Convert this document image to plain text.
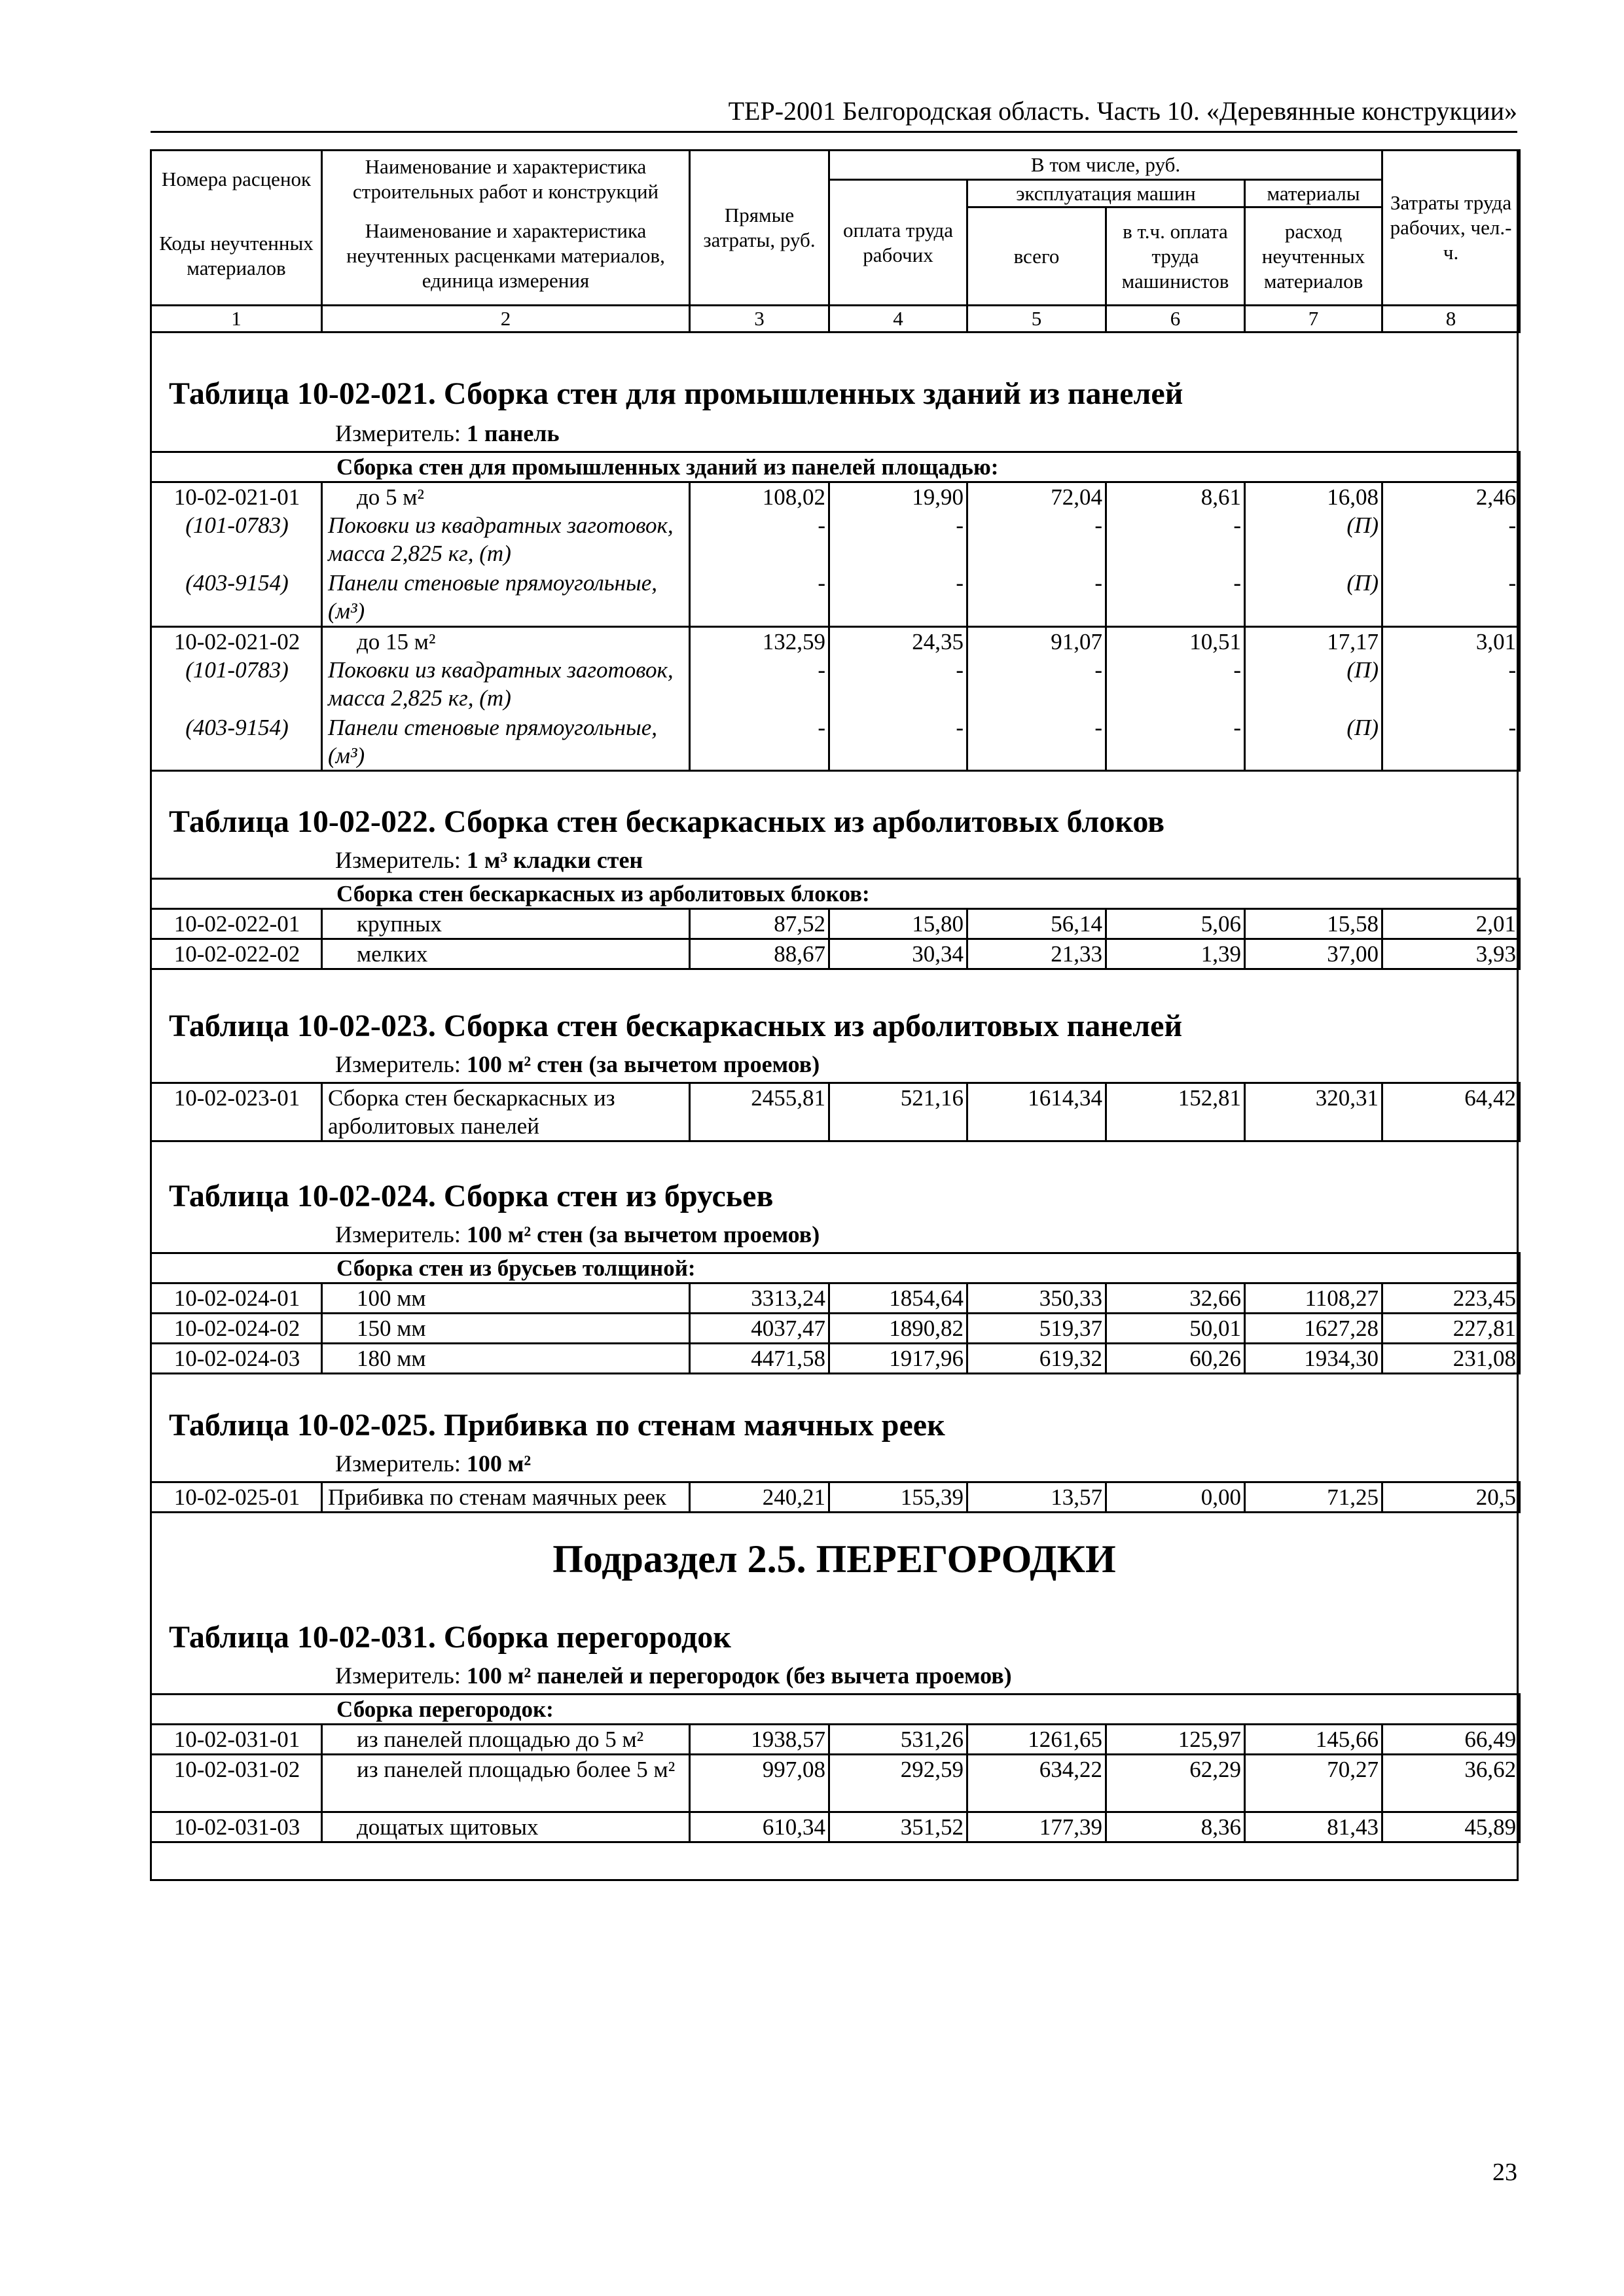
ТЕР-2001 Белгородская область. Часть 10. «Деревянные конструкции»
Номера расценок	Наименование и характеристика строительных работ и конструкций	Прямые затраты, руб.	В том числе, руб.				Затраты труда рабочих, чел.-ч.
			оплата труда рабочих	эксплуатация машин		материалы	
Коды неучтенных материалов	Наименование и характеристика неучтенных расценками материалов, единица измерения			всего	в т.ч. оплата труда машинистов	расход неучтенных материалов	

1	2	3	4	5	6	7	8
Таблица 10-02-021. Сборка стен для промышленных зданий из панелей
Измеритель: 1 панель
Сборка стен для промышленных зданий из панелей площадью:							
10-02-021-01	до 5 м²	108,02	19,90	72,04	8,61	16,08	2,46
(101-0783)	Поковки из квадратных заготовок, масса 2,825 кг, (т)	-	-	-	-	(П)	-
(403-9154)	Панели стеновые прямоугольные, (м³)	-	-	-	-	(П)	-
10-02-021-02	до 15 м²	132,59	24,35	91,07	10,51	17,17	3,01
(101-0783)	Поковки из квадратных заготовок, масса 2,825 кг, (т)	-	-	-	-	(П)	-
(403-9154)	Панели стеновые прямоугольные, (м³)	-	-	-	-	(П)	-
Таблица 10-02-022. Сборка стен бескаркасных из арболитовых блоков
Измеритель: 1 м³ кладки стен
Сборка стен бескаркасных из арболитовых блоков:							
10-02-022-01	крупных	87,52	15,80	56,14	5,06	15,58	2,01
10-02-022-02	мелких	88,67	30,34	21,33	1,39	37,00	3,93
Таблица 10-02-023. Сборка стен бескаркасных из арболитовых панелей
Измеритель: 100 м² стен (за вычетом проемов)
10-02-023-01	Сборка стен бескаркасных из арболитовых панелей	2455,81	521,16	1614,34	152,81	320,31	64,42
Таблица 10-02-024. Сборка стен из брусьев
Измеритель: 100 м² стен (за вычетом проемов)
Сборка стен из брусьев толщиной:							
10-02-024-01	100 мм	3313,24	1854,64	350,33	32,66	1108,27	223,45
10-02-024-02	150 мм	4037,47	1890,82	519,37	50,01	1627,28	227,81
10-02-024-03	180 мм	4471,58	1917,96	619,32	60,26	1934,30	231,08
Таблица 10-02-025. Прибивка по стенам маячных реек
Измеритель: 100 м²
10-02-025-01	Прибивка по стенам маячных реек	240,21	155,39	13,57	0,00	71,25	20,5
Подраздел 2.5. ПЕРЕГОРОДКИ
Таблица 10-02-031. Сборка перегородок
Измеритель: 100 м² панелей и перегородок (без вычета проемов)
Сборка перегородок:							
10-02-031-01	из панелей площадью до 5 м²	1938,57	531,26	1261,65	125,97	145,66	66,49
10-02-031-02	из панелей площадью более 5 м²	997,08	292,59	634,22	62,29	70,27	36,62
10-02-031-03	дощатых щитовых	610,34	351,52	177,39	8,36	81,43	45,89
23
